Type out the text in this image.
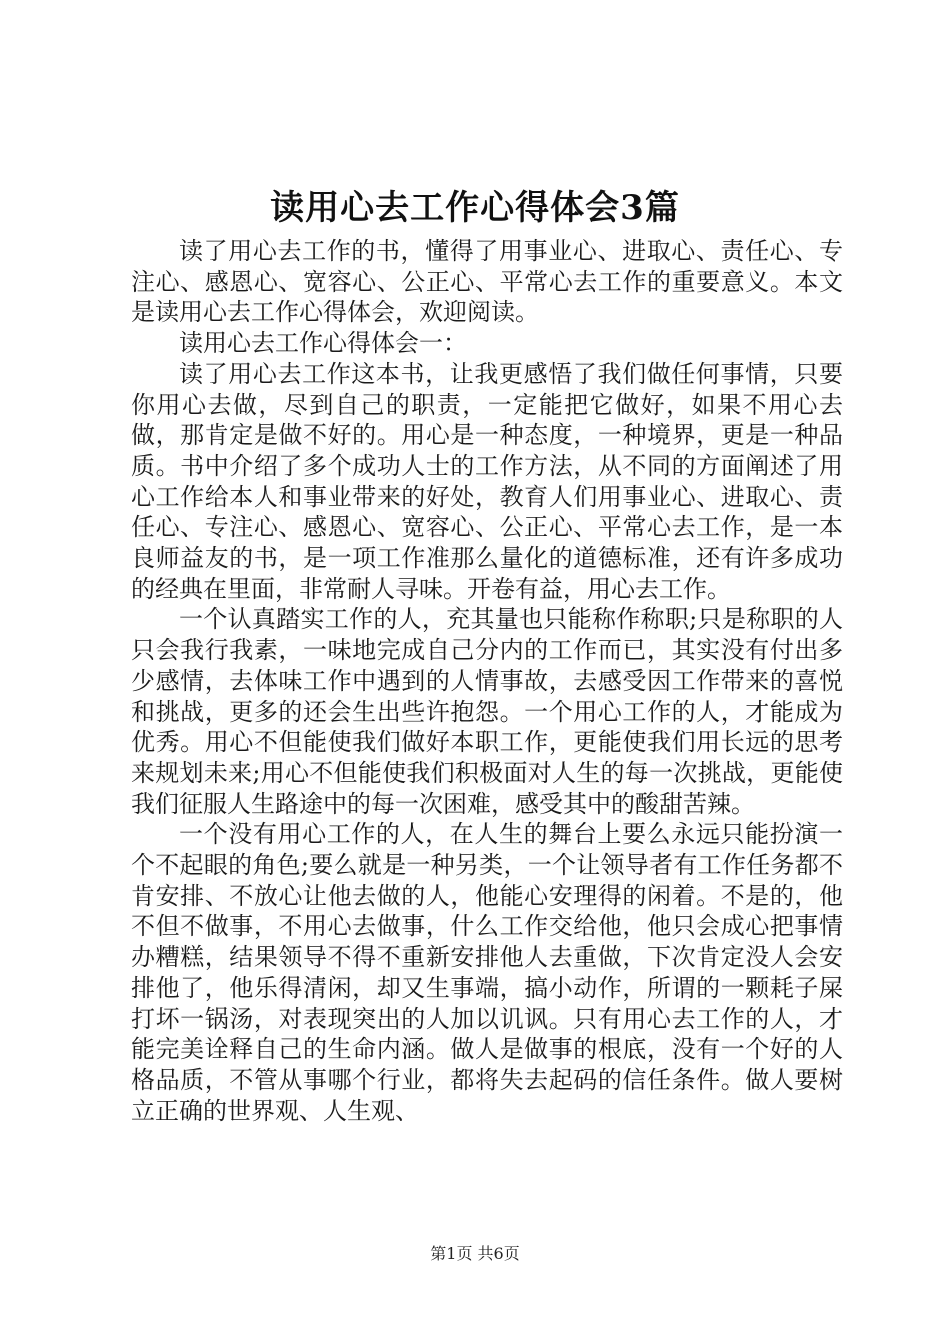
读用心去工作心得体会3篇

读了用心去工作的书，懂得了用事业心、进取心、责任心、专注心、感恩心、宽容心、公正心、平常心去工作的重要意义。本文是读用心去工作心得体会，欢迎阅读。

读用心去工作心得体会一：

读了用心去工作这本书，让我更感悟了我们做任何事情，只要你用心去做，尽到自己的职责，一定能把它做好，如果不用心去做，那肯定是做不好的。用心是一种态度，一种境界，更是一种品质。书中介绍了多个成功人士的工作方法，从不同的方面阐述了用心工作给本人和事业带来的好处，教育人们用事业心、进取心、责任心、专注心、感恩心、宽容心、公正心、平常心去工作，是一本良师益友的书，是一项工作准那么量化的道德标准，还有许多成功的经典在里面，非常耐人寻味。开卷有益，用心去工作。

一个认真踏实工作的人，充其量也只能称作称职;只是称职的人只会我行我素，一味地完成自己分内的工作而已，其实没有付出多少感情，去体味工作中遇到的人情事故，去感受因工作带来的喜悦和挑战，更多的还会生出些许抱怨。一个用心工作的人，才能成为优秀。用心不但能使我们做好本职工作，更能使我们用长远的思考来规划未来;用心不但能使我们积极面对人生的每一次挑战，更能使我们征服人生路途中的每一次困难，感受其中的酸甜苦辣。

一个没有用心工作的人，在人生的舞台上要么永远只能扮演一个不起眼的角色;要么就是一种另类，一个让领导者有工作任务都不肯安排、不放心让他去做的人，他能心安理得的闲着。不是的，他不但不做事，不用心去做事，什么工作交给他，他只会成心把事情办糟糕，结果领导不得不重新安排他人去重做，下次肯定没人会安排他了，他乐得清闲，却又生事端，搞小动作，所谓的一颗耗子屎打坏一锅汤，对表现突出的人加以讥讽。只有用心去工作的人，才能完美诠释自己的生命内涵。做人是做事的根底，没有一个好的人格品质，不管从事哪个行业，都将失去起码的信任条件。做人要树立正确的世界观、人生观、

第1页 共6页
